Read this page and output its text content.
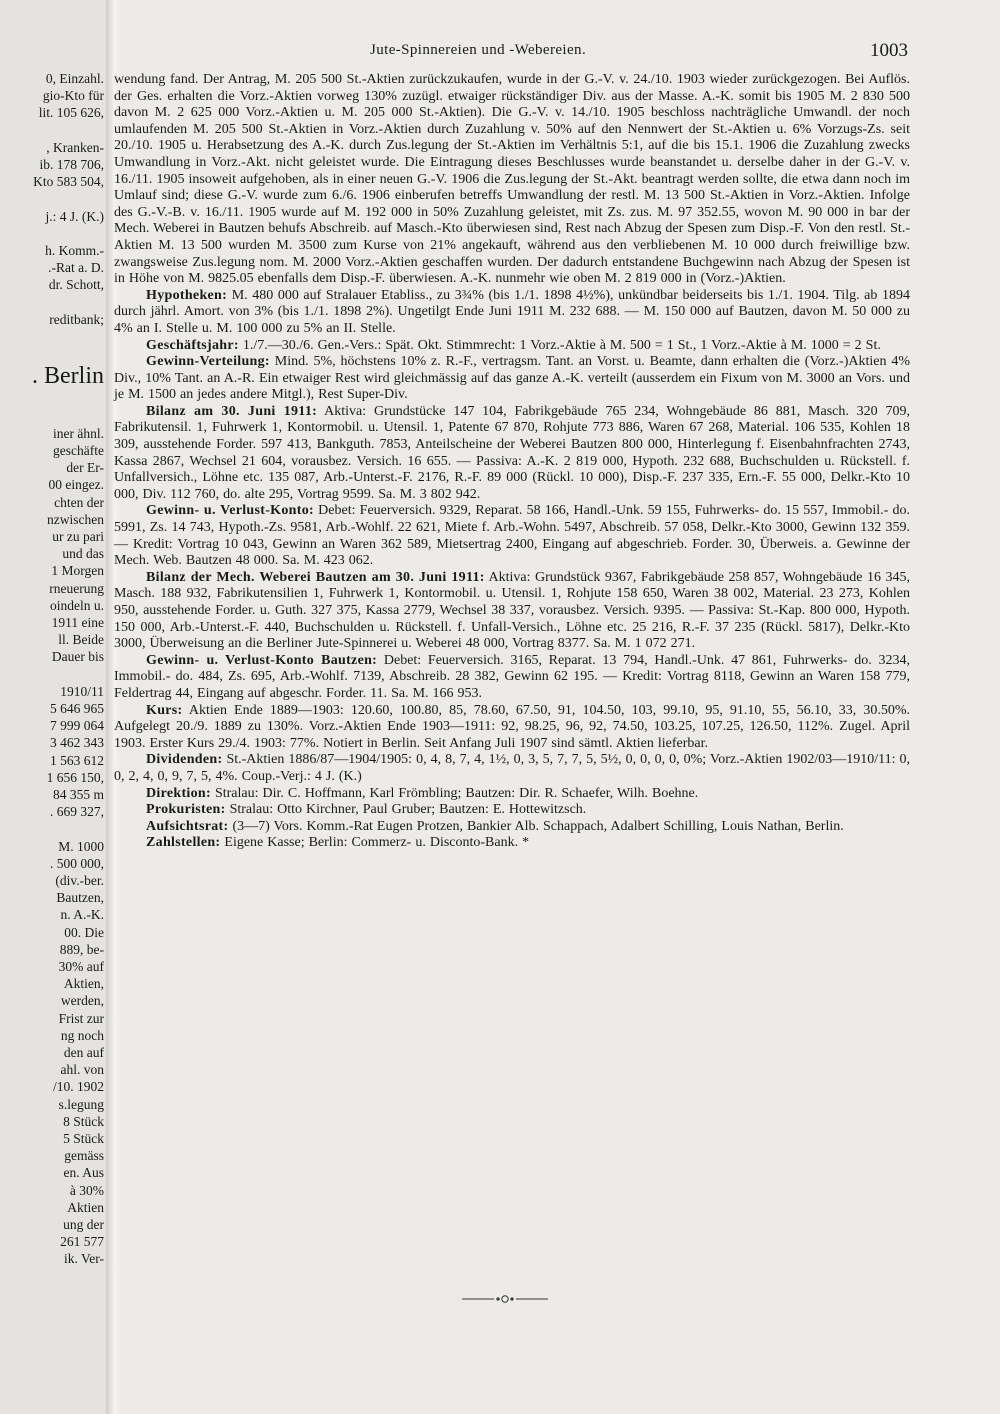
0, Einzahl.
gio-Kto für
lit. 105 626,
, Kranken-
ib. 178 706,
Kto 583 504,
j.: 4 J. (K.)
h. Komm.-
.-Rat a. D.
dr. Schott,
reditbank;
. Berlin
iner ähnl.
geschäfte
der Er-
00 eingez.
chten der
nzwischen
ur zu pari
und das
1 Morgen
rneuerung
oindeln u.
1911 eine
ll. Beide
Dauer bis
1910/11
5 646 965
7 999 064
3 462 343
1 563 612
1 656 150,
84 355 m
. 669 327,
M. 1000
. 500 000,
(div.-ber.
Bautzen,
n. A.-K.
00. Die
889, be-
30% auf
Aktien,
werden,
Frist zur
ng noch
den auf
ahl. von
/10. 1902
s.legung
8 Stück
5 Stück
gemäss
en. Aus
à 30%
Aktien
ung der
261 577
ik. Ver-
Jute-Spinnereien und -Webereien.	1003

wendung fand. Der Antrag, M. 205 500 St.-Aktien zurückzukaufen, wurde in der G.-V. v. 24./10. 1903 wieder zurückgezogen. Bei Auflös. der Ges. erhalten die Vorz.-Aktien vorweg 130% zuzügl. etwaiger rückständiger Div. aus der Masse. A.-K. somit bis 1905 M. 2 830 500 davon M. 2 625 000 Vorz.-Aktien u. M. 205 000 St.-Aktien). Die G.-V. v. 14./10. 1905 beschloss nachträgliche Umwandl. der noch umlaufenden M. 205 500 St.-Aktien in Vorz.-Aktien durch Zuzahlung v. 50% auf den Nennwert der St.-Aktien u. 6% Vorzugs-Zs. seit 20./10. 1905 u. Herabsetzung des A.-K. durch Zus.legung der St.-Aktien im Verhältnis 5:1, auf die bis 15.1. 1906 die Zuzahlung zwecks Umwandlung in Vorz.-Akt. nicht geleistet wurde. Die Eintragung dieses Beschlusses wurde beanstandet u. derselbe daher in der G.-V. v. 16./11. 1905 insoweit aufgehoben, als in einer neuen G.-V. 1906 die Zus.legung der St.-Akt. beantragt werden sollte, die etwa dann noch im Umlauf sind; diese G.-V. wurde zum 6./6. 1906 einberufen betreffs Umwandlung der restl. M. 13 500 St.-Aktien in Vorz.-Aktien. Infolge des G.-V.-B. v. 16./11. 1905 wurde auf M. 192 000 in 50% Zuzahlung geleistet, mit Zs. zus. M. 97 352.55, wovon M. 90 000 in bar der Mech. Weberei in Bautzen behufs Abschreib. auf Masch.-Kto überwiesen sind, Rest nach Abzug der Spesen zum Disp.-F. Von den restl. St.-Aktien M. 13 500 wurden M. 3500 zum Kurse von 21% angekauft, während aus den verbliebenen M. 10 000 durch freiwillige bzw. zwangsweise Zus.legung nom. M. 2000 Vorz.-Aktien geschaffen wurden. Der dadurch entstandene Buchgewinn nach Abzug der Spesen ist in Höhe von M. 9825.05 ebenfalls dem Disp.-F. überwiesen. A.-K. nunmehr wie oben M. 2 819 000 in (Vorz.-)Aktien.

Hypotheken: M. 480 000 auf Stralauer Etabliss., zu 3¾% (bis 1./1. 1898 4½%), unkündbar beiderseits bis 1./1. 1904. Tilg. ab 1894 durch jährl. Amort. von 3% (bis 1./1. 1898 2%). Ungetilgt Ende Juni 1911 M. 232 688. — M. 150 000 auf Bautzen, davon M. 50 000 zu 4% an I. Stelle u. M. 100 000 zu 5% an II. Stelle.

Geschäftsjahr: 1./7.—30./6. Gen.-Vers.: Spät. Okt. Stimmrecht: 1 Vorz.-Aktie à M. 500 = 1 St., 1 Vorz.-Aktie à M. 1000 = 2 St.

Gewinn-Verteilung: Mind. 5%, höchstens 10% z. R.-F., vertragsm. Tant. an Vorst. u. Beamte, dann erhalten die (Vorz.-)Aktien 4% Div., 10% Tant. an A.-R. Ein etwaiger Rest wird gleichmässig auf das ganze A.-K. verteilt (ausserdem ein Fixum von M. 3000 an Vors. und je M. 1500 an jedes andere Mitgl.), Rest Super-Div.

Bilanz am 30. Juni 1911: Aktiva: Grundstücke 147 104, Fabrikgebäude 765 234, Wohngebäude 86 881, Masch. 320 709, Fabrikutensil. 1, Fuhrwerk 1, Kontormobil. u. Utensil. 1, Patente 67 870, Rohjute 773 886, Waren 67 268, Material. 106 535, Kohlen 18 309, ausstehende Forder. 597 413, Bankguth. 7853, Anteilscheine der Weberei Bautzen 800 000, Hinterlegung f. Eisenbahnfrachten 2743, Kassa 2867, Wechsel 21 604, vorausbez. Versich. 16 655. — Passiva: A.-K. 2 819 000, Hypoth. 232 688, Buchschulden u. Rückstell. f. Unfallversich., Löhne etc. 135 087, Arb.-Unterst.-F. 2176, R.-F. 89 000 (Rückl. 10 000), Disp.-F. 237 335, Ern.-F. 55 000, Delkr.-Kto 10 000, Div. 112 760, do. alte 295, Vortrag 9599. Sa. M. 3 802 942.

Gewinn- u. Verlust-Konto: Debet: Feuerversich. 9329, Reparat. 58 166, Handl.-Unk. 59 155, Fuhrwerks- do. 15 557, Immobil.- do. 5991, Zs. 14 743, Hypoth.-Zs. 9581, Arb.-Wohlf. 22 621, Miete f. Arb.-Wohn. 5497, Abschreib. 57 058, Delkr.-Kto 3000, Gewinn 132 359. — Kredit: Vortrag 10 043, Gewinn an Waren 362 589, Mietsertrag 2400, Eingang auf abgeschrieb. Forder. 30, Überweis. a. Gewinne der Mech. Web. Bautzen 48 000. Sa. M. 423 062.

Bilanz der Mech. Weberei Bautzen am 30. Juni 1911: Aktiva: Grundstück 9367, Fabrikgebäude 258 857, Wohngebäude 16 345, Masch. 188 932, Fabrikutensilien 1, Fuhrwerk 1, Kontormobil. u. Utensil. 1, Rohjute 158 650, Waren 38 002, Material. 23 273, Kohlen 950, ausstehende Forder. u. Guth. 327 375, Kassa 2779, Wechsel 38 337, vorausbez. Versich. 9395. — Passiva: St.-Kap. 800 000, Hypoth. 150 000, Arb.-Unterst.-F. 440, Buchschulden u. Rückstell. f. Unfall-Versich., Löhne etc. 25 216, R.-F. 37 235 (Rückl. 5817), Delkr.-Kto 3000, Überweisung an die Berliner Jute-Spinnerei u. Weberei 48 000, Vortrag 8377. Sa. M. 1 072 271.

Gewinn- u. Verlust-Konto Bautzen: Debet: Feuerversich. 3165, Reparat. 13 794, Handl.-Unk. 47 861, Fuhrwerks- do. 3234, Immobil.- do. 484, Zs. 695, Arb.-Wohlf. 7139, Abschreib. 28 382, Gewinn 62 195. — Kredit: Vortrag 8118, Gewinn an Waren 158 779, Feldertrag 44, Eingang auf abgeschr. Forder. 11. Sa. M. 166 953.

Kurs: Aktien Ende 1889—1903: 120.60, 100.80, 85, 78.60, 67.50, 91, 104.50, 103, 99.10, 95, 91.10, 55, 56.10, 33, 30.50%. Aufgelegt 20./9. 1889 zu 130%. Vorz.-Aktien Ende 1903—1911: 92, 98.25, 96, 92, 74.50, 103.25, 107.25, 126.50, 112%. Zugel. April 1903. Erster Kurs 29./4. 1903: 77%. Notiert in Berlin. Seit Anfang Juli 1907 sind sämtl. Aktien lieferbar.

Dividenden: St.-Aktien 1886/87—1904/1905: 0, 4, 8, 7, 4, 1½, 0, 3, 5, 7, 7, 5, 5½, 0, 0, 0, 0, 0%; Vorz.-Aktien 1902/03—1910/11: 0, 0, 2, 4, 0, 9, 7, 5, 4%. Coup.-Verj.: 4 J. (K.)

Direktion: Stralau: Dir. C. Hoffmann, Karl Frömbling; Bautzen: Dir. R. Schaefer, Wilh. Boehne.

Prokuristen: Stralau: Otto Kirchner, Paul Gruber; Bautzen: E. Hottewitzsch.

Aufsichtsrat: (3—7) Vors. Komm.-Rat Eugen Protzen, Bankier Alb. Schappach, Adalbert Schilling, Louis Nathan, Berlin.

Zahlstellen: Eigene Kasse; Berlin: Commerz- u. Disconto-Bank. *
